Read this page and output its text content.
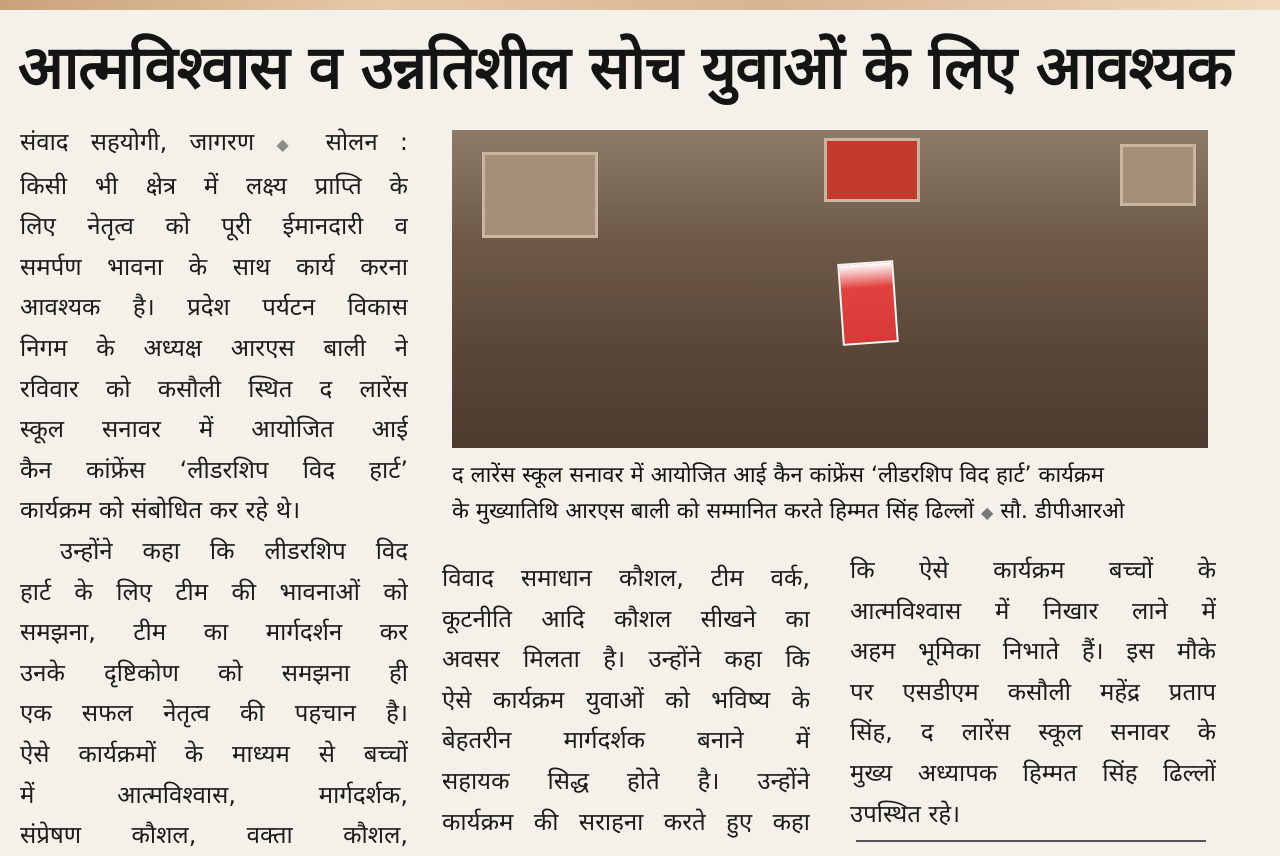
आत्मविश्वास व उन्नतिशील सोच युवाओं के लिए आवश्यक
संवाद सहयोगी, जागरण ◆ सोलन :
किसी भी क्षेत्र में लक्ष्य प्राप्ति के
लिए नेतृत्व को पूरी ईमानदारी व
समर्पण भावना के साथ कार्य करना
आवश्यक है। प्रदेश पर्यटन विकास
निगम के अध्यक्ष आरएस बाली ने
रविवार को कसौली स्थित द लारेंस
स्कूल सनावर में आयोजित आई
कैन कांफ्रेंस ‘लीडरशिप विद हार्ट’
कार्यक्रम को संबोधित कर रहे थे।
उन्होंने कहा कि लीडरशिप विद
हार्ट के लिए टीम की भावनाओं को
समझना, टीम का मार्गदर्शन कर
उनके दृष्टिकोण को समझना ही
एक सफल नेतृत्व की पहचान है।
ऐसे कार्यक्रमों के माध्यम से बच्चों
में आत्मविश्वास, मार्गदर्शक,
संप्रेषण कौशल, वक्ता कौशल,
द लारेंस स्कूल सनावर में आयोजित आई कैन कांफ्रेंस ‘लीडरशिप विद हार्ट’ कार्यक्रम
के मुख्यातिथि आरएस बाली को सम्मानित करते हिम्मत सिंह ढिल्लों ◆ सौ. डीपीआरओ
विवाद समाधान कौशल, टीम वर्क,
कूटनीति आदि कौशल सीखने का
अवसर मिलता है। उन्होंने कहा कि
ऐसे कार्यक्रम युवाओं को भविष्य के
बेहतरीन मार्गदर्शक बनाने में
सहायक सिद्ध होते है। उन्होंने
कार्यक्रम की सराहना करते हुए कहा
कि ऐसे कार्यक्रम बच्चों के
आत्मविश्वास में निखार लाने में
अहम भूमिका निभाते हैं। इस मौके
पर एसडीएम कसौली महेंद्र प्रताप
सिंह, द लारेंस स्कूल सनावर के
मुख्य अध्यापक हिम्मत सिंह ढिल्लों
उपस्थित रहे।
